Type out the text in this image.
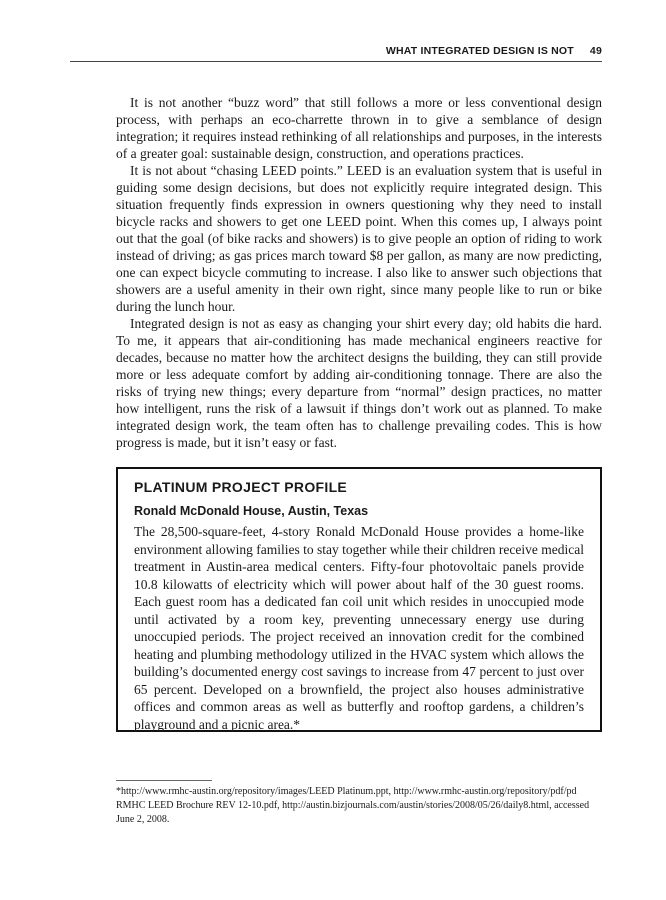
WHAT INTEGRATED DESIGN IS NOT 49

It is not another “buzz word” that still follows a more or less conventional design process, with perhaps an eco-charrette thrown in to give a semblance of design integration; it requires instead rethinking of all relationships and purposes, in the interests of a greater goal: sustainable design, construction, and operations practices.

It is not about “chasing LEED points.” LEED is an evaluation system that is useful in guiding some design decisions, but does not explicitly require integrated design. This situation frequently finds expression in owners questioning why they need to install bicycle racks and showers to get one LEED point. When this comes up, I always point out that the goal (of bike racks and showers) is to give people an option of riding to work instead of driving; as gas prices march toward $8 per gallon, as many are now predicting, one can expect bicycle commuting to increase. I also like to answer such objections that showers are a useful amenity in their own right, since many people like to run or bike during the lunch hour.

Integrated design is not as easy as changing your shirt every day; old habits die hard. To me, it appears that air-conditioning has made mechanical engineers reactive for decades, because no matter how the architect designs the building, they can still provide more or less adequate comfort by adding air-conditioning tonnage. There are also the risks of trying new things; every departure from “normal” design practices, no matter how intelligent, runs the risk of a lawsuit if things don’t work out as planned. To make integrated design work, the team often has to challenge prevailing codes. This is how progress is made, but it isn’t easy or fast.

PLATINUM PROJECT PROFILE
Ronald McDonald House, Austin, Texas

The 28,500-square-feet, 4-story Ronald McDonald House provides a home-like environment allowing families to stay together while their children receive medical treatment in Austin-area medical centers. Fifty-four photovoltaic panels provide 10.8 kilowatts of electricity which will power about half of the 30 guest rooms. Each guest room has a dedicated fan coil unit which resides in unoccupied mode until activated by a room key, preventing unnecessary energy use during unoccupied periods. The project received an innovation credit for the combined heating and plumbing methodology utilized in the HVAC system which allows the building’s documented energy cost savings to increase from 47 percent to just over 65 percent. Developed on a brownfield, the project also houses administrative offices and common areas as well as butterfly and rooftop gardens, a children’s playground and a picnic area.*

*http://www.rmhc-austin.org/repository/images/LEED Platinum.ppt, http://www.rmhc-austin.org/repository/pdf/pd RMHC LEED Brochure REV 12-10.pdf, http://austin.bizjournals.com/austin/stories/2008/05/26/daily8.html, accessed June 2, 2008.
